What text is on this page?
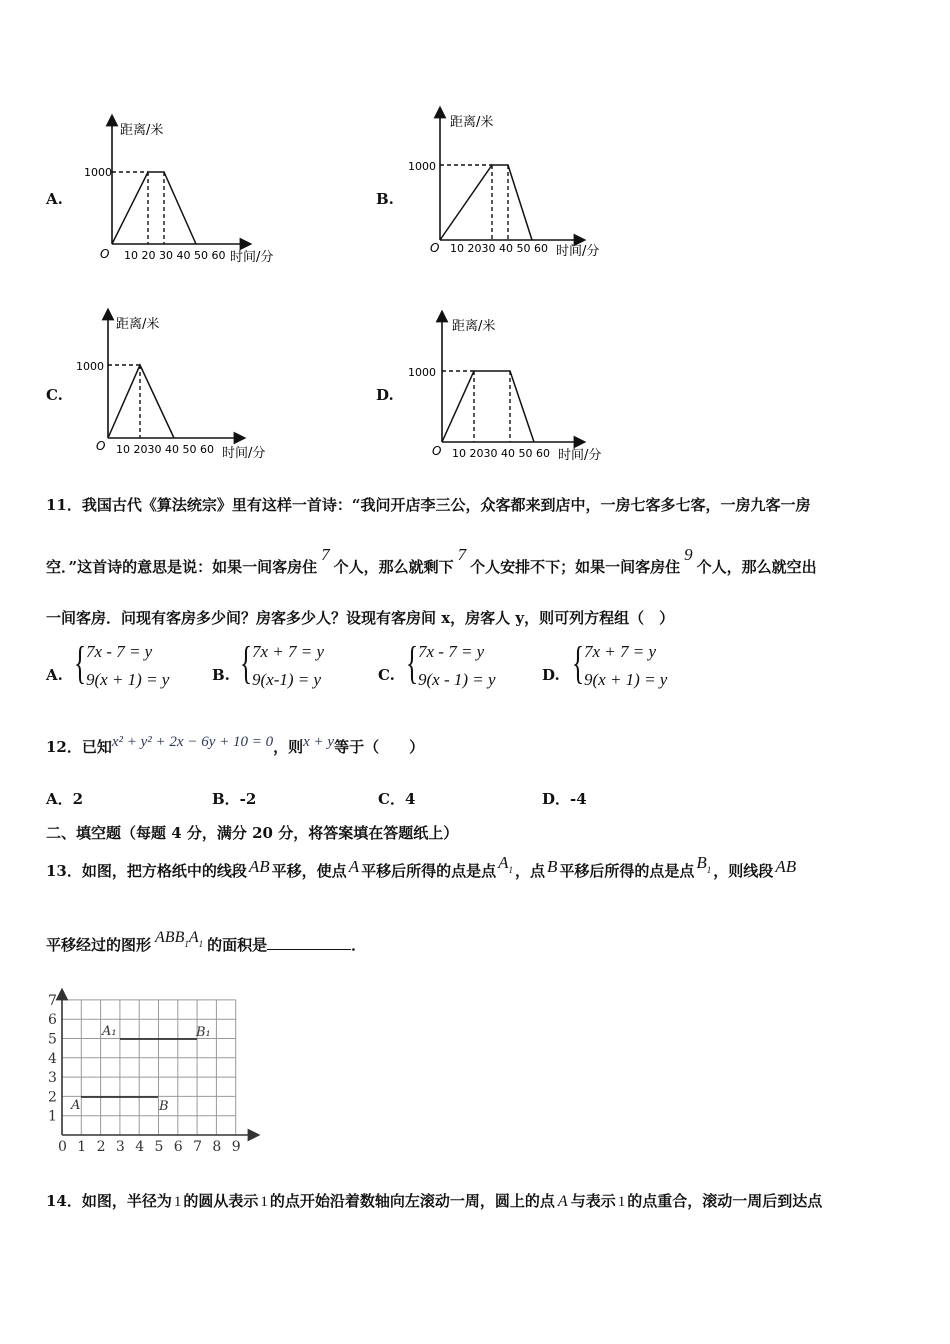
A.
距离/米
1000
O 10 20 30 40 50 60 时间/分
B.
距离/米
1000
O 10 2030 40 50 60 时间/分
C.
距离/米
1000
O 10 2030 40 50 60 时间/分
D.
距离/米
1000
O 10 2030 40 50 60 时间/分
11．我国古代《算法统宗》里有这样一首诗：“我问开店李三公，众客都来到店中，一房七客多七客，一房九客一房
空．”这首诗的意思是说：如果一间客房住7个人，那么就剩下7个人安排不下；如果一间客房住9个人，那么就空出
一间客房．问现有客房多少间？房客多少人？设现有客房间 x，房客人 y，则可列方程组（　）
A. { 7x - 7 = y
9(x + 1) = y	B. { 7x + 7 = y
9(x-1) = y	C. { 7x - 7 = y
9(x - 1) = y	D. { 7x + 7 = y
9(x + 1) = y
12．已知x² + y² + 2x − 6y + 10 = 0，则x + y等于（　　）
A．2	B．-2	C．4	D．-4
二、填空题（每题 4 分，满分 20 分，将答案填在答题纸上）
13．如图，把方格纸中的线段 AB 平移，使点 A 平移后所得的点是点 $A^1$ ，点 B 平移后所得的点是点 $B^1$ ，则线段 AB
平移经过的图形 $ABB^1A^1$ 的面积是	．
1
2
3
4
5
6
7
0 1 2 3 4 5 6 7 8 9
A	B
A₁	B₁
14．如图，半径为 1 的圆从表示 1 的点开始沿着数轴向左滚动一周，圆上的点 A 与表示 1 的点重合，滚动一周后到达点
